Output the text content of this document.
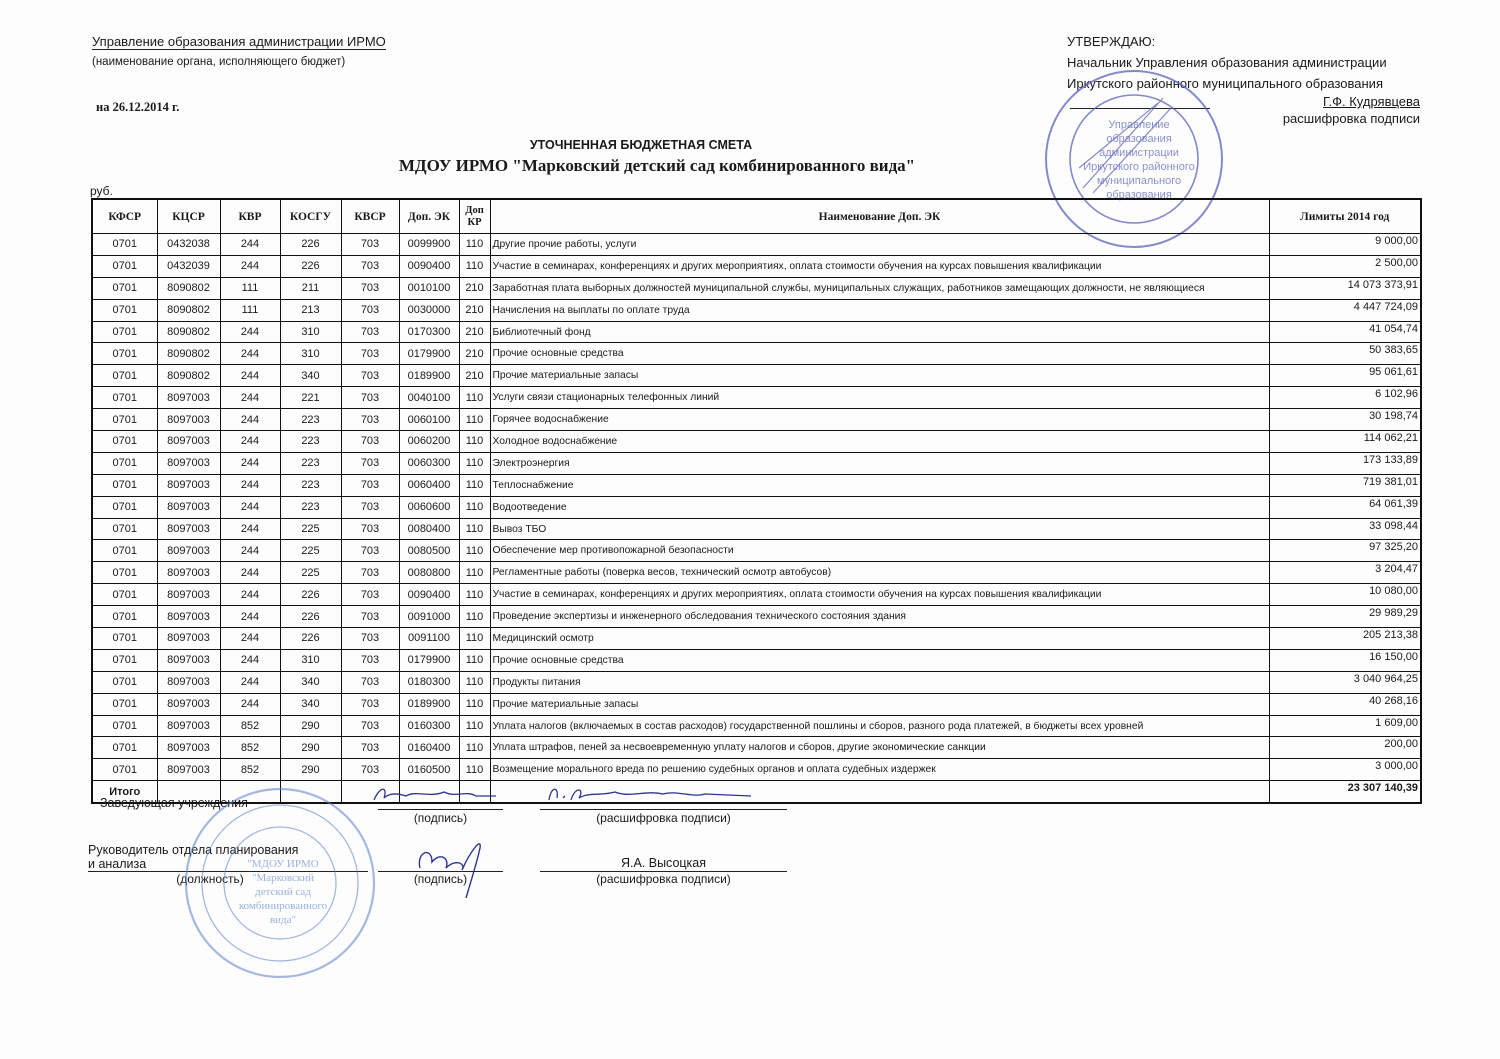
Управление образования администрации ИРМО
(наименование органа, исполняющего бюджет)
на 26.12.2014 г.
УТВЕРЖДАЮ:
Начальник Управления образования администрации
Иркутского районного муниципального образования
Г.Ф. Кудрявцева
расшифровка подписи
Управление
образования
администрации
Иркутского районного
муниципального
образования
УТОЧНЕННАЯ БЮДЖЕТНАЯ СМЕТА
МДОУ ИРМО "Марковский детский сад комбинированного вида"
руб.
КФСР	КЦСР	КВР	КОСГУ	КВСР	Доп. ЭК	Доп КР	Наименование Доп. ЭК	Лимиты 2014 год
0701	0432038	244	226	703	0099900	110	Другие прочие работы, услуги	9 000,00
0701	0432039	244	226	703	0090400	110	Участие в семинарах, конференциях и других мероприятиях, оплата стоимости обучения на курсах повышения квалификации	2 500,00
0701	8090802	111	211	703	0010100	210	Заработная плата выборных должностей муниципальной службы, муниципальных служащих, работников замещающих должности, не являющиеся	14 073 373,91
0701	8090802	111	213	703	0030000	210	Начисления на выплаты по оплате труда	4 447 724,09
0701	8090802	244	310	703	0170300	210	Библиотечный фонд	41 054,74
0701	8090802	244	310	703	0179900	210	Прочие основные средства	50 383,65
0701	8090802	244	340	703	0189900	210	Прочие материальные запасы	95 061,61
0701	8097003	244	221	703	0040100	110	Услуги связи стационарных телефонных линий	6 102,96
0701	8097003	244	223	703	0060100	110	Горячее водоснабжение	30 198,74
0701	8097003	244	223	703	0060200	110	Холодное водоснабжение	114 062,21
0701	8097003	244	223	703	0060300	110	Электроэнергия	173 133,89
0701	8097003	244	223	703	0060400	110	Теплоснабжение	719 381,01
0701	8097003	244	223	703	0060600	110	Водоотведение	64 061,39
0701	8097003	244	225	703	0080400	110	Вывоз ТБО	33 098,44
0701	8097003	244	225	703	0080500	110	Обеспечение мер противопожарной безопасности	97 325,20
0701	8097003	244	225	703	0080800	110	Регламентные работы (поверка весов, технический осмотр автобусов)	3 204,47
0701	8097003	244	226	703	0090400	110	Участие в семинарах, конференциях и других мероприятиях, оплата стоимости обучения на курсах повышения квалификации	10 080,00
0701	8097003	244	226	703	0091000	110	Проведение экспертизы и инженерного обследования технического состояния здания	29 989,29
0701	8097003	244	226	703	0091100	110	Медицинский осмотр	205 213,38
0701	8097003	244	310	703	0179900	110	Прочие основные средства	16 150,00
0701	8097003	244	340	703	0180300	110	Продукты питания	3 040 964,25
0701	8097003	244	340	703	0189900	110	Прочие материальные запасы	40 268,16
0701	8097003	852	290	703	0160300	110	Уплата налогов (включаемых в состав расходов) государственной пошлины и сборов, разного рода платежей, в бюджеты всех уровней	1 609,00
0701	8097003	852	290	703	0160400	110	Уплата штрафов, пеней за несвоевременную уплату налогов и сборов, другие экономические санкции	200,00
0701	8097003	852	290	703	0160500	110	Возмещение морального вреда по решению судебных органов и оплата судебных издержек	3 000,00
Итого								23 307 140,39
Заведующая учреждения
(подпись)	(расшифровка подписи)
Руководитель отдела планирования
и анализа
(должность)	(подпись)
Я.А. Высоцкая
(расшифровка подписи)
"МДОУ ИРМО
"Марковский
детский сад
комбинированного
вида"
